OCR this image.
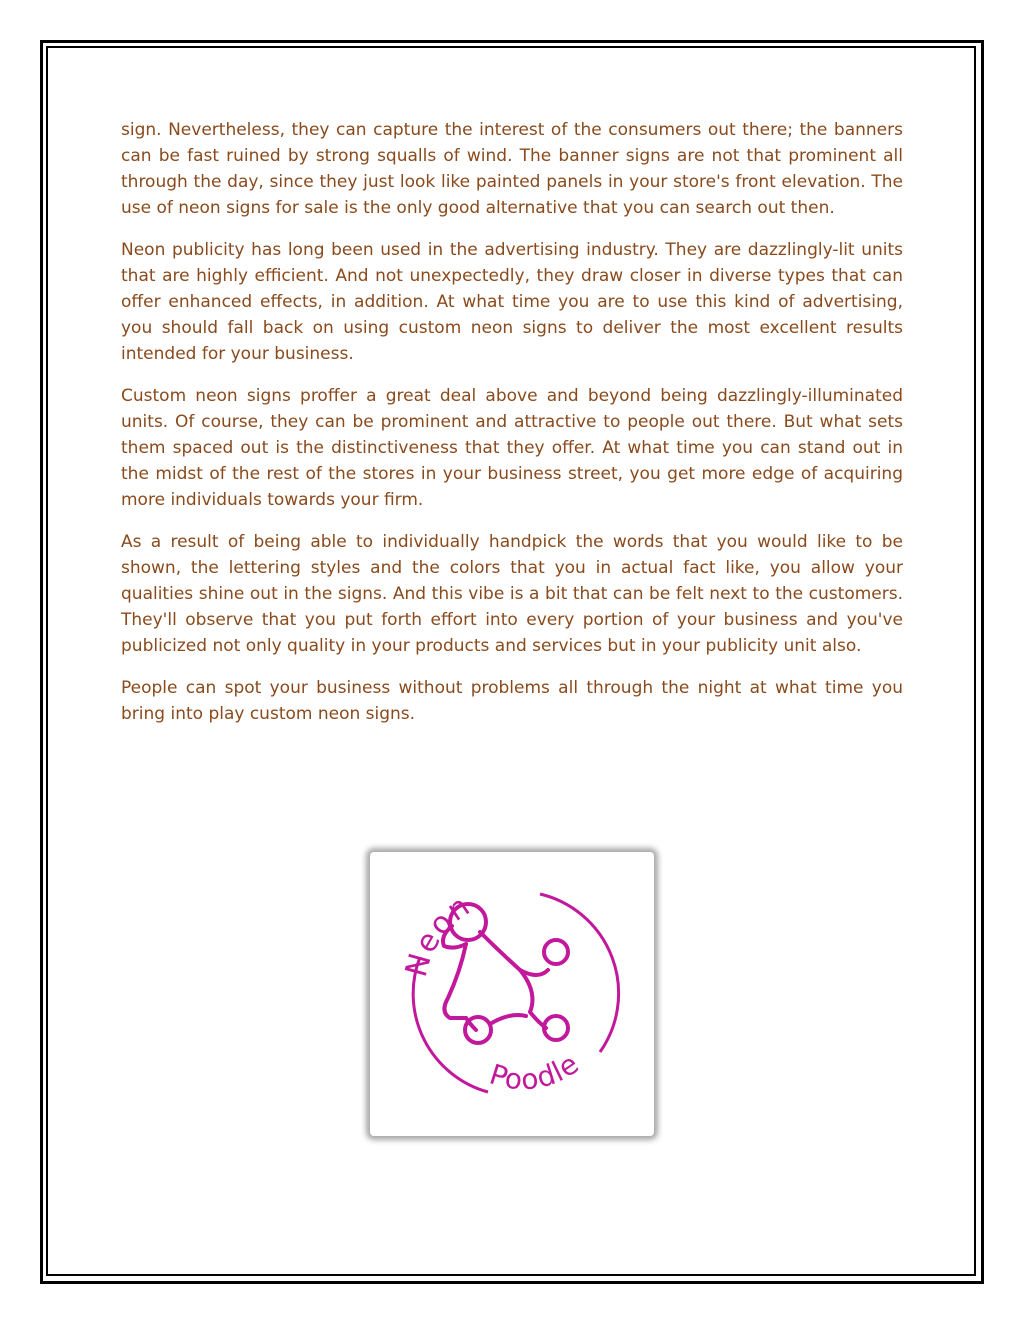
sign. Nevertheless, they can capture the interest of the consumers out there; the banners can be fast ruined by strong squalls of wind. The banner signs are not that prominent all through the day, since they just look like painted panels in your store's front elevation. The use of neon signs for sale is the only good alternative that you can search out then.

Neon publicity has long been used in the advertising industry. They are dazzlingly-lit units that are highly efficient. And not unexpectedly, they draw closer in diverse types that can offer enhanced effects, in addition. At what time you are to use this kind of advertising, you should fall back on using custom neon signs to deliver the most excellent results intended for your business.

Custom neon signs proffer a great deal above and beyond being dazzlingly-illuminated units. Of course, they can be prominent and attractive to people out there. But what sets them spaced out is the distinctiveness that they offer. At what time you can stand out in the midst of the rest of the stores in your business street, you get more edge of acquiring more individuals towards your firm.

As a result of being able to individually handpick the words that you would like to be shown, the lettering styles and the colors that you in actual fact like, you allow your qualities shine out in the signs. And this vibe is a bit that can be felt next to the customers. They'll observe that you put forth effort into every portion of your business and you've publicized not only quality in your products and services but in your publicity unit also.

People can spot your business without problems all through the night at what time you bring into play custom neon signs.

Neon
Poodle
